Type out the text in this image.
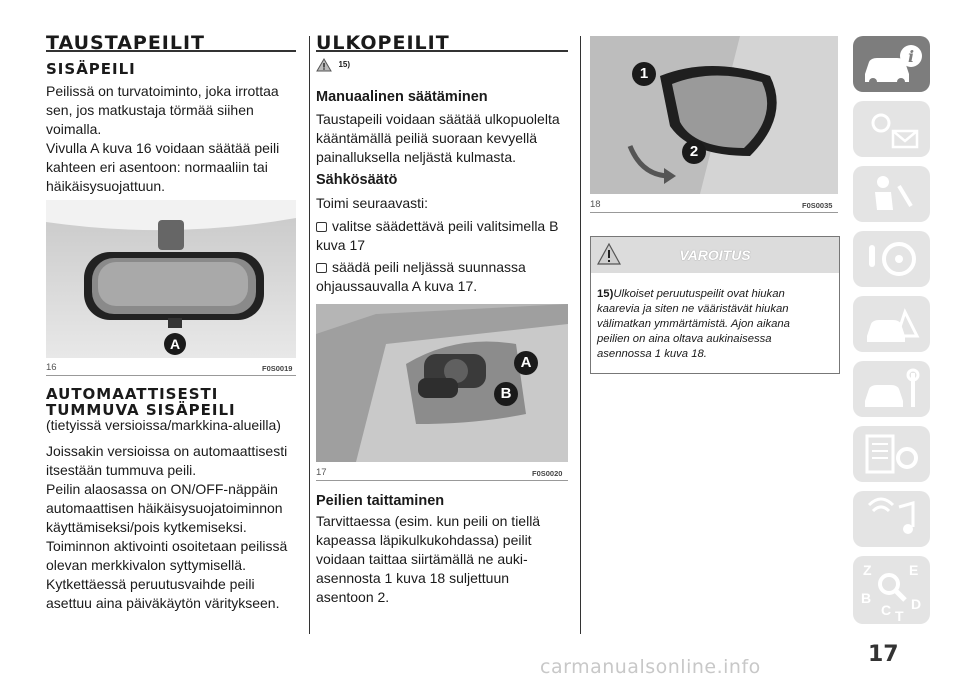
TAUSTAPEILIT
SISÄPEILI
Peilissä on turvatoiminto, joka irrottaa
sen, jos matkustaja törmää siihen
voimalla.
Vivulla A kuva 16 voidaan säätää peili
kahteen eri asentoon: normaaliin tai
häikäisysuojattuun.
A
16	F0S0019
AUTOMAATTISESTI
TUMMUVA SISÄPEILI
(tietyissä versioissa/markkina-alueilla)
Joissakin versioissa on automaattisesti
itsestään tummuva peili.
Peilin alaosassa on ON/OFF-näppäin
automaattisen häikäisysuojatoiminnon
käyttämiseksi/pois kytkemiseksi.
Toiminnon aktivointi osoitetaan peilissä
olevan merkkivalon syttymisellä.
Kytkettäessä peruutusvaihde peili
asettuu aina päiväkäytön väritykseen.
ULKOPEILIT
15)
Manuaalinen säätäminen
Taustapeili voidaan säätää ulkopuolelta
kääntämällä peiliä suoraan kevyellä
painalluksella neljästä kulmasta.
Sähkösäätö
Toimi seuraavasti:
valitse säädettävä peili valitsimella B
kuva 17
säädä peili neljässä suunnassa
ohjaussauvalla A kuva 17.
A
B
17	F0S0020
Peilien taittaminen
Tarvittaessa (esim. kun peili on tiellä
kapeassa läpikulkukohdassa) peilit
voidaan taittaa siirtämällä ne auki-
asennosta 1 kuva 18 suljettuun
asentoon 2.
1
2
18	F0S0035
VAROITUS
15)Ulkoiset peruutuspeilit ovat hiukan
kaarevia ja siten ne vääristävät hiukan
välimatkan ymmärtämistä. Ajon aikana
peilien on aina oltava aukinaisessa
asennossa 1 kuva 18.
i
Z	E
B
C D
T
17
carmanualsonline.info
